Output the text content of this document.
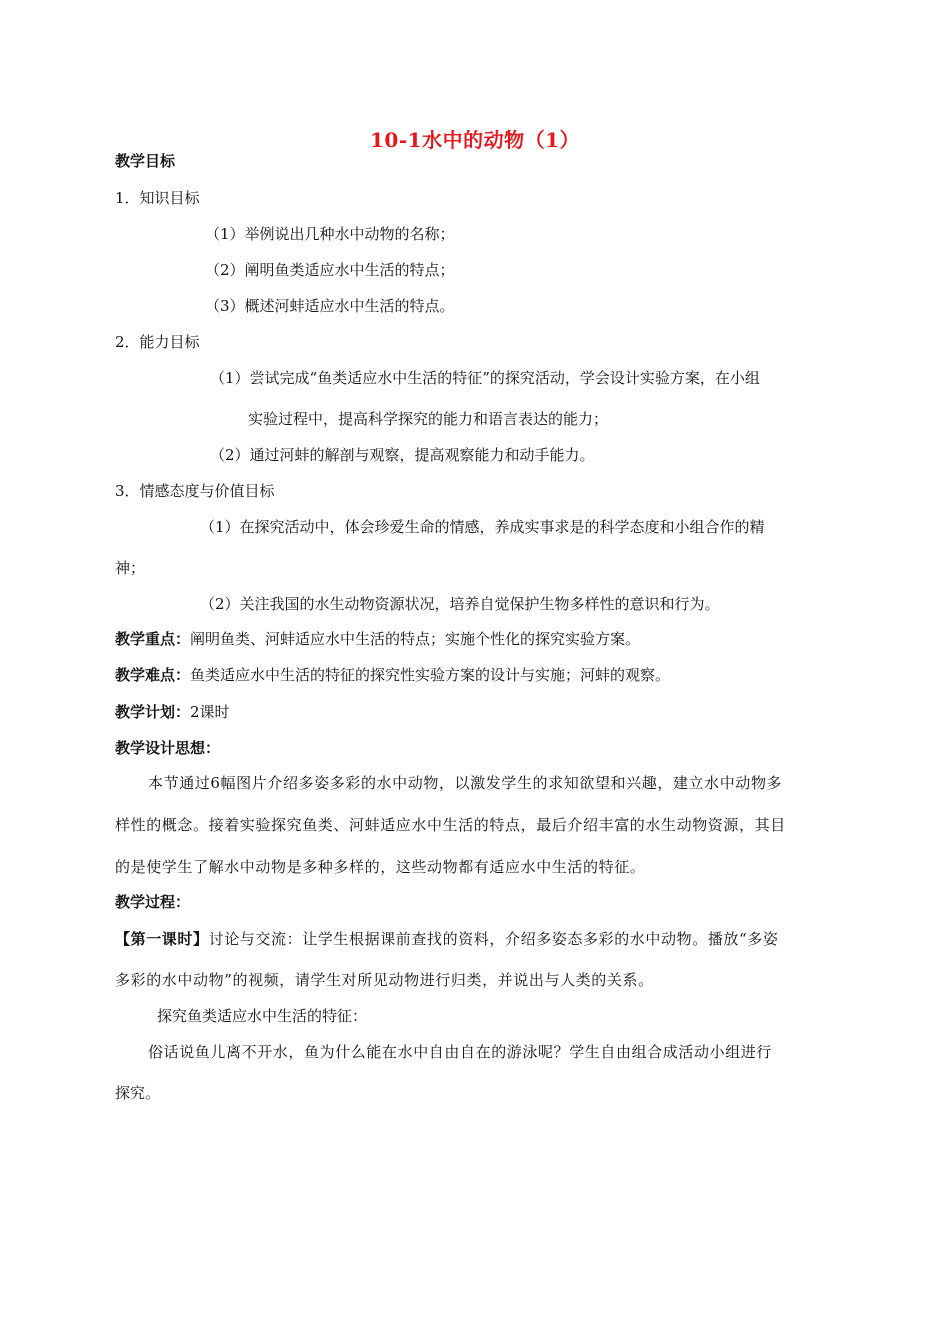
10-1水中的动物（1）
教学目标
1．知识目标
（1）举例说出几种水中动物的名称；
（2）阐明鱼类适应水中生活的特点；
（3）概述河蚌适应水中生活的特点。
2．能力目标
（1）尝试完成“鱼类适应水中生活的特征”的探究活动，学会设计实验方案，在小组
实验过程中，提高科学探究的能力和语言表达的能力；
（2）通过河蚌的解剖与观察，提高观察能力和动手能力。
3．情感态度与价值目标
（1）在探究活动中，体会珍爱生命的情感，养成实事求是的科学态度和小组合作的精
神；
（2）关注我国的水生动物资源状况，培养自觉保护生物多样性的意识和行为。
教学重点：阐明鱼类、河蚌适应水中生活的特点；实施个性化的探究实验方案。
教学难点：鱼类适应水中生活的特征的探究性实验方案的设计与实施；河蚌的观察。
教学计划：2课时
教学设计思想：
本节通过6幅图片介绍多姿多彩的水中动物，以激发学生的求知欲望和兴趣，建立水中动物多
样性的概念。接着实验探究鱼类、河蚌适应水中生活的特点，最后介绍丰富的水生动物资源，其目
的是使学生了解水中动物是多种多样的，这些动物都有适应水中生活的特征。
教学过程：
【第一课时】讨论与交流：让学生根据课前查找的资料，介绍多姿态多彩的水中动物。播放“多姿
多彩的水中动物”的视频，请学生对所见动物进行归类，并说出与人类的关系。
探究鱼类适应水中生活的特征：
俗话说鱼儿离不开水，鱼为什么能在水中自由自在的游泳呢？学生自由组合成活动小组进行
探究。
